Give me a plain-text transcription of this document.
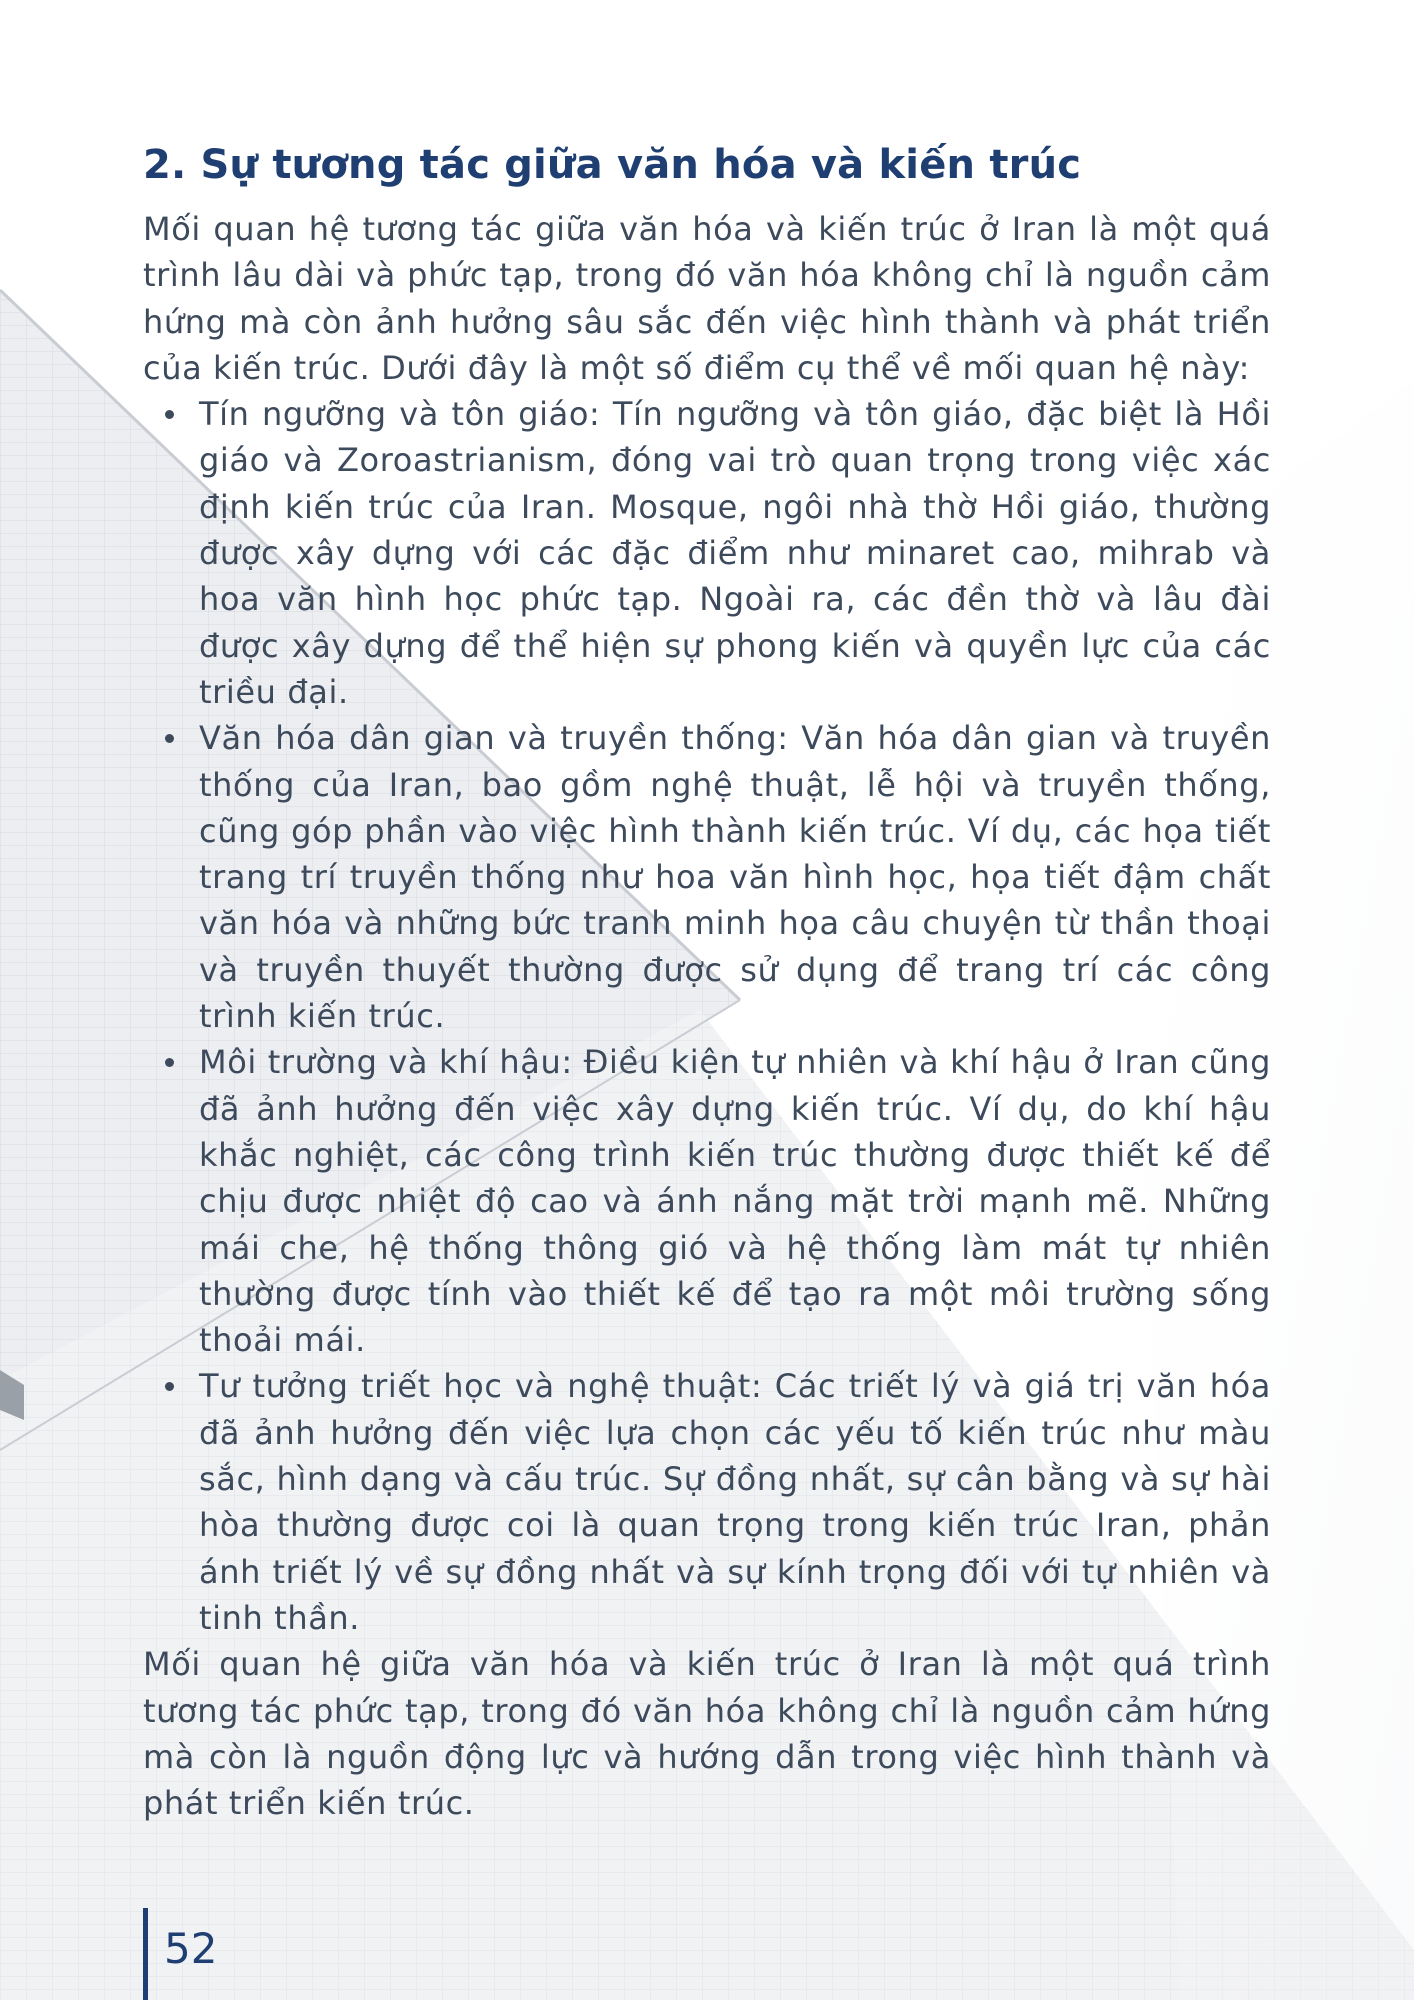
2. Sự tương tác giữa văn hóa và kiến trúc

Mối quan hệ tương tác giữa văn hóa và kiến trúc ở Iran là một quá trình lâu dài và phức tạp, trong đó văn hóa không chỉ là nguồn cảm hứng mà còn ảnh hưởng sâu sắc đến việc hình thành và phát triển của kiến trúc. Dưới đây là một số điểm cụ thể về mối quan hệ này:

Tín ngưỡng và tôn giáo: Tín ngưỡng và tôn giáo, đặc biệt là Hồi giáo và Zoroastrianism, đóng vai trò quan trọng trong việc xác định kiến trúc của Iran. Mosque, ngôi nhà thờ Hồi giáo, thường được xây dựng với các đặc điểm như minaret cao, mihrab và hoa văn hình học phức tạp. Ngoài ra, các đền thờ và lâu đài được xây dựng để thể hiện sự phong kiến và quyền lực của các triều đại.
Văn hóa dân gian và truyền thống: Văn hóa dân gian và truyền thống của Iran, bao gồm nghệ thuật, lễ hội và truyền thống, cũng góp phần vào việc hình thành kiến trúc. Ví dụ, các họa tiết trang trí truyền thống như hoa văn hình học, họa tiết đậm chất văn hóa và những bức tranh minh họa câu chuyện từ thần thoại và truyền thuyết thường được sử dụng để trang trí các công trình kiến trúc.
Môi trường và khí hậu: Điều kiện tự nhiên và khí hậu ở Iran cũng đã ảnh hưởng đến việc xây dựng kiến trúc. Ví dụ, do khí hậu khắc nghiệt, các công trình kiến trúc thường được thiết kế để chịu được nhiệt độ cao và ánh nắng mặt trời mạnh mẽ. Những mái che, hệ thống thông gió và hệ thống làm mát tự nhiên thường được tính vào thiết kế để tạo ra một môi trường sống thoải mái.
Tư tưởng triết học và nghệ thuật: Các triết lý và giá trị văn hóa đã ảnh hưởng đến việc lựa chọn các yếu tố kiến trúc như màu sắc, hình dạng và cấu trúc. Sự đồng nhất, sự cân bằng và sự hài hòa thường được coi là quan trọng trong kiến trúc Iran, phản ánh triết lý về sự đồng nhất và sự kính trọng đối với tự nhiên và tinh thần.

Mối quan hệ giữa văn hóa và kiến trúc ở Iran là một quá trình tương tác phức tạp, trong đó văn hóa không chỉ là nguồn cảm hứng mà còn là nguồn động lực và hướng dẫn trong việc hình thành và phát triển kiến trúc.

52
